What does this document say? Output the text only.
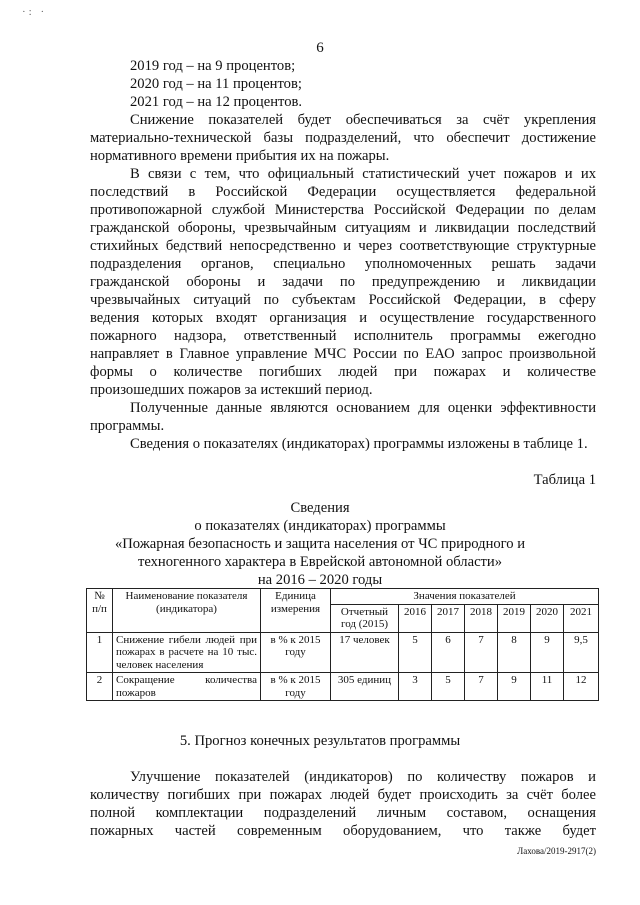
·: ·
6
2019 год – на 9 процентов;
2020 год – на 11 процентов;
2021 год – на 12 процентов.
Снижение показателей будет обеспечиваться за счёт укрепления
материально-технической базы подразделений, что обеспечит достижение
нормативного времени прибытия их на пожары.
В связи с тем, что официальный статистический учет пожаров и их
последствий в Российской Федерации осуществляется федеральной
противопожарной службой Министерства Российской Федерации по делам
гражданской обороны, чрезвычайным ситуациям и ликвидации последствий
стихийных бедствий непосредственно и через соответствующие структурные
подразделения органов, специально уполномоченных решать задачи
гражданской обороны и задачи по предупреждению и ликвидации
чрезвычайных ситуаций по субъектам Российской Федерации, в сферу
ведения которых входят организация и осуществление государственного
пожарного надзора, ответственный исполнитель программы ежегодно
направляет в Главное управление МЧС России по ЕАО запрос произвольной
формы о количестве погибших людей при пожарах и количестве
произошедших пожаров за истекший период.
Полученные данные являются основанием для оценки эффективности
программы.
Сведения о показателях (индикаторах) программы изложены в таблице 1.
Таблица 1
Сведения
о показателях (индикаторах) программы
«Пожарная безопасность и защита населения от ЧС природного и
техногенного характера в Еврейской автономной области»
на 2016 – 2020 годы
№ п/п	Наименование показателя (индикатора)	Единица измерения	Значения показателей						
			Отчетный год (2015)	2016	2017	2018	2019	2020	2021
1	Снижение гибели людей при пожарах в расчете на 10 тыс. человек населения	в % к 2015 году	17 человек	5	6	7	8	9	9,5
2	Сокращение количества пожаров	в % к 2015 году	305 единиц	3	5	7	9	11	12
5. Прогноз конечных результатов программы
Улучшение показателей (индикаторов) по количеству пожаров и
количеству погибших при пожарах людей будет происходить за счёт более
полной комплектации подразделений личным составом, оснащения
пожарных частей современным оборудованием, что также будет
Лахова/2019-2917(2)
